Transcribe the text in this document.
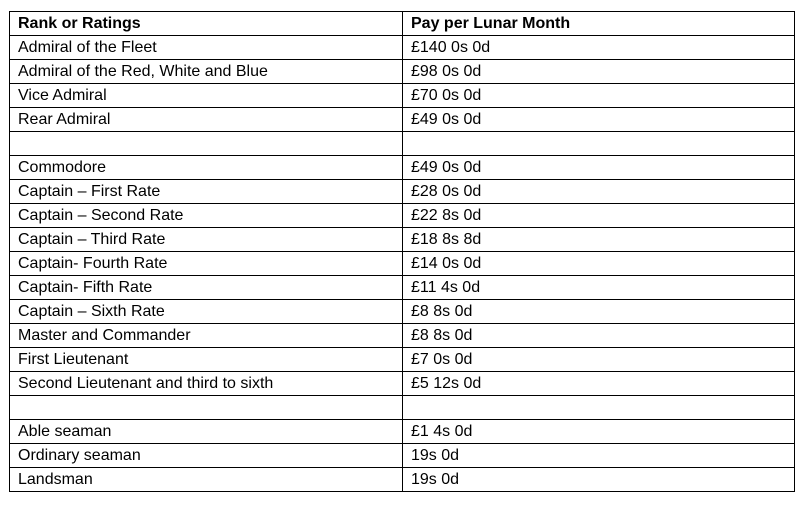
Rank or Ratings	Pay per Lunar Month
Admiral of the Fleet	£140 0s 0d
Admiral of the Red, White and Blue	£98 0s 0d
Vice Admiral	£70 0s 0d
Rear Admiral	£49 0s 0d

Commodore	£49 0s 0d
Captain – First Rate	£28 0s 0d
Captain – Second Rate	£22 8s 0d
Captain – Third Rate	£18 8s 8d
Captain- Fourth Rate	£14 0s 0d
Captain- Fifth Rate	£11 4s 0d
Captain – Sixth Rate	£8 8s 0d
Master and Commander	£8 8s 0d
First Lieutenant	£7 0s 0d
Second Lieutenant and third to sixth	£5 12s 0d

Able seaman	£1 4s 0d
Ordinary seaman	19s 0d
Landsman	19s 0d
